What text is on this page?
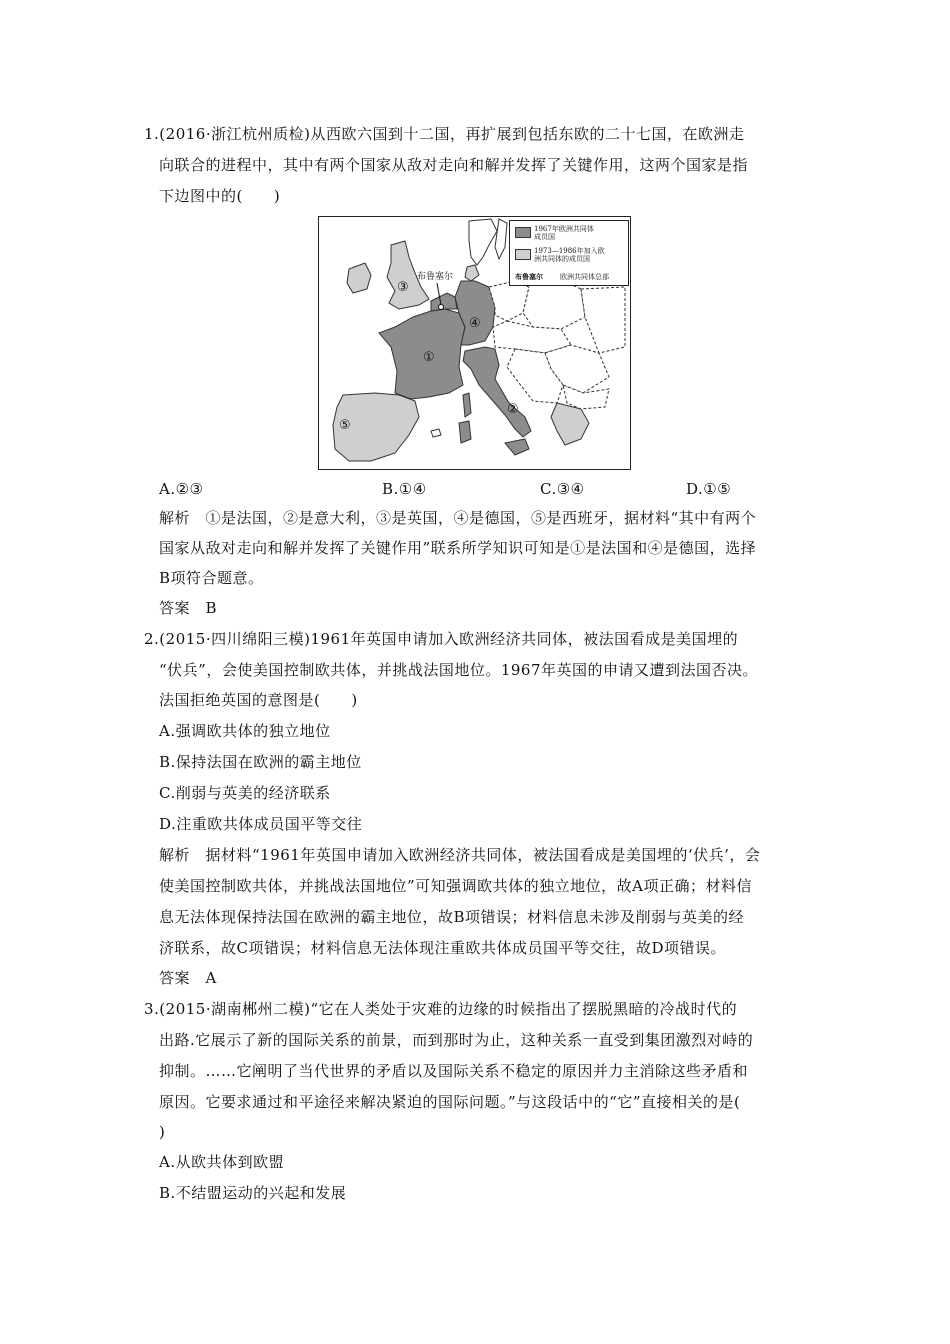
1.(2016·浙江杭州质检)从西欧六国到十二国，再扩展到包括东欧的二十七国，在欧洲走
向联合的进程中，其中有两个国家从敌对走向和解并发挥了关键作用，这两个国家是指
下边图中的(　　)
布鲁塞尔
①
②
③
④
⑤
1967年欧洲共同体
成员国
1973—1986年加入欧
洲共同体的成员国
布鲁塞尔 欧洲共同体总部
A.②③	B.①④	C.③④	D.①⑤
解析　①是法国，②是意大利，③是英国，④是德国，⑤是西班牙，据材料“其中有两个
国家从敌对走向和解并发挥了关键作用”联系所学知识可知是①是法国和④是德国，选择
B项符合题意。
答案　B
2.(2015·四川绵阳三模)1961年英国申请加入欧洲经济共同体，被法国看成是美国埋的
“伏兵”，会使美国控制欧共体，并挑战法国地位。1967年英国的申请又遭到法国否决。
法国拒绝英国的意图是(　　)
A.强调欧共体的独立地位
B.保持法国在欧洲的霸主地位
C.削弱与英美的经济联系
D.注重欧共体成员国平等交往
解析　据材料“1961年英国申请加入欧洲经济共同体，被法国看成是美国埋的‘伏兵’，会
使美国控制欧共体，并挑战法国地位”可知强调欧共体的独立地位，故A项正确；材料信
息无法体现保持法国在欧洲的霸主地位，故B项错误；材料信息未涉及削弱与英美的经
济联系，故C项错误；材料信息无法体现注重欧共体成员国平等交往，故D项错误。
答案　A
3.(2015·湖南郴州二模)“它在人类处于灾难的边缘的时候指出了摆脱黑暗的冷战时代的
出路.它展示了新的国际关系的前景，而到那时为止，这种关系一直受到集团激烈对峙的
抑制。……它阐明了当代世界的矛盾以及国际关系不稳定的原因并力主消除这些矛盾和
原因。它要求通过和平途径来解决紧迫的国际问题。”与这段话中的“它”直接相关的是(
)
A.从欧共体到欧盟
B.不结盟运动的兴起和发展
